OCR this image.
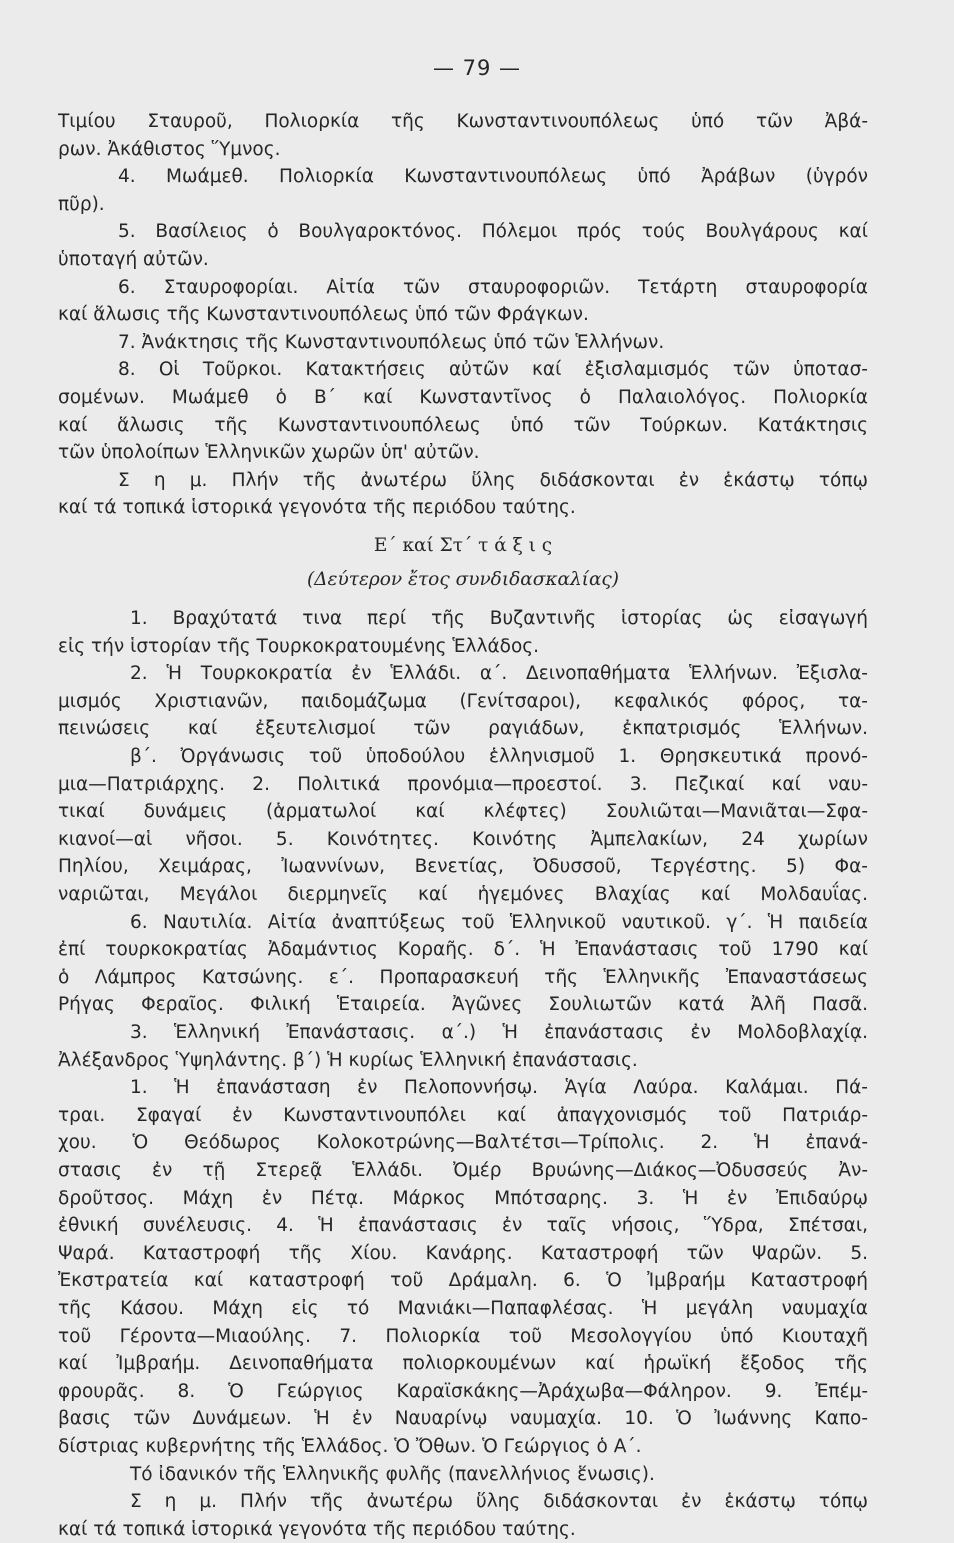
— 79 —
Τιμίου Σταυροῦ, Πολιορκία τῆς Κωνσταντινουπόλεως ὑπό τῶν Ἀβά-
ρων. Ἀκάθιστος Ὕμνος.
4. Μωάμεθ. Πολιορκία Κωνσταντινουπόλεως ὑπό Ἀράβων (ὑγρόν
πῦρ).
5. Βασίλειος ὁ Βουλγαροκτόνος. Πόλεμοι πρός τούς Βουλγάρους καί
ὑποταγή αὐτῶν.
6. Σταυροφορίαι. Αἰτία τῶν σταυροφοριῶν. Τετάρτη σταυροφορία
καί ἅλωσις τῆς Κωνσταντινουπόλεως ὑπό τῶν Φράγκων.
7. Ἀνάκτησις τῆς Κωνσταντινουπόλεως ὑπό τῶν Ἑλλήνων.
8. Οἱ Τοῦρκοι. Κατακτήσεις αὐτῶν καί ἐξισλαμισμός τῶν ὑποτασ-
σομένων. Μωάμεθ ὁ Β΄ καί Κωνσταντῖνος ὁ Παλαιολόγος. Πολιορκία
καί ἅλωσις τῆς Κωνσταντινουπόλεως ὑπό τῶν Τούρκων. Κατάκτησις
τῶν ὑπολοίπων Ἑλληνικῶν χωρῶν ὑπ' αὐτῶν.
Σ η μ. Πλήν τῆς ἀνωτέρω ὕλης διδάσκονται ἐν ἑκάστῳ τόπῳ
καί τά τοπικά ἱστορικά γεγονότα τῆς περιόδου ταύτης.
Ε΄ καί Στ΄ τ ά ξ ι ς
(Δεύτερον ἔτος συνδιδασκαλίας)
1. Βραχύτατά τινα περί τῆς Βυζαντινῆς ἱστορίας ὡς εἰσαγωγή
εἰς τήν ἱστορίαν τῆς Τουρκοκρατουμένης Ἑλλάδος.
2. Ἡ Τουρκοκρατία ἐν Ἑλλάδι. α΄. Δεινοπαθήματα Ἑλλήνων. Ἐξισλα-
μισμός Χριστιανῶν, παιδομάζωμα (Γενίτσαροι), κεφαλικός φόρος, τα-
πεινώσεις καί ἐξευτελισμοί τῶν ραγιάδων, ἐκπατρισμός Ἑλλήνων.
β΄. Ὀργάνωσις τοῦ ὑποδούλου ἑλληνισμοῦ 1. Θρησκευτικά προνό-
μια—Πατριάρχης. 2. Πολιτικά προνόμια—προεστοί. 3. Πεζικαί καί ναυ-
τικαί δυνάμεις (ἁρματωλοί καί κλέφτες) Σουλιῶται—Μανιᾶται—Σφα-
κιανοί—αἱ νῆσοι. 5. Κοινότητες. Κοινότης Ἀμπελακίων, 24 χωρίων
Πηλίου, Χειμάρας, Ἰωαννίνων, Βενετίας, Ὀδυσσοῦ, Τεργέστης. 5) Φα-
ναριῶται, Μεγάλοι διερμηνεῖς καί ἡγεμόνες Βλαχίας καί Μολδαυΐας.
6. Ναυτιλία. Αἰτία ἀναπτύξεως τοῦ Ἑλληνικοῦ ναυτικοῦ. γ΄. Ἡ παιδεία
ἐπί τουρκοκρατίας Ἀδαμάντιος Κοραῆς. δ΄. Ἡ Ἐπανάστασις τοῦ 1790 καί
ὁ Λάμπρος Κατσώνης. ε΄. Προπαρασκευή τῆς Ἑλληνικῆς Ἐπαναστάσεως
Ρήγας Φεραῖος. Φιλική Ἑταιρεία. Ἀγῶνες Σουλιωτῶν κατά Ἀλῆ Πασᾶ.
3. Ἑλληνική Ἐπανάστασις. α΄.) Ἡ ἐπανάστασις ἐν Μολδοβλαχίᾳ.
Ἀλέξανδρος Ὑψηλάντης. β΄) Ἡ κυρίως Ἑλληνική ἐπανάστασις.
1. Ἡ ἐπανάσταση ἐν Πελοποννήσῳ. Ἁγία Λαύρα. Καλάμαι. Πά-
τραι. Σφαγαί ἐν Κωνσταντινουπόλει καί ἀπαγχονισμός τοῦ Πατριάρ-
χου. Ὁ Θεόδωρος Κολοκοτρώνης—Βαλτέτσι—Τρίπολις. 2. Ἡ ἐπανά-
στασις ἐν τῇ Στερεᾷ Ἑλλάδι. Ὀμέρ Βρυώνης—Διάκος—Ὀδυσσεύς Ἀν-
δροῦτσος. Μάχη ἐν Πέτᾳ. Μάρκος Μπότσαρης. 3. Ἡ ἐν Ἐπιδαύρῳ
ἐθνική συνέλευσις. 4. Ἡ ἐπανάστασις ἐν ταῖς νήσοις, Ὕδρα, Σπέτσαι,
Ψαρά. Καταστροφή τῆς Χίου. Κανάρης. Καταστροφή τῶν Ψαρῶν. 5.
Ἐκστρατεία καί καταστροφή τοῦ Δράμαλη. 6. Ὁ Ἰμβραήμ Καταστροφή
τῆς Κάσου. Μάχη εἰς τό Μανιάκι—Παπαφλέσας. Ἡ μεγάλη ναυμαχία
τοῦ Γέροντα—Μιαούλης. 7. Πολιορκία τοῦ Μεσολογγίου ὑπό Κιουταχῆ
καί Ἰμβραήμ. Δεινοπαθήματα πολιορκουμένων καί ἡρωϊκή ἔξοδος τῆς
φρουρᾶς. 8. Ὁ Γεώργιος Καραϊσκάκης—Ἀράχωβα—Φάληρον. 9. Ἐπέμ-
βασις τῶν Δυνάμεων. Ἡ ἐν Ναυαρίνῳ ναυμαχία. 10. Ὁ Ἰωάννης Καπο-
δίστριας κυβερνήτης τῆς Ἑλλάδος. Ὁ Ὄθων. Ὁ Γεώργιος ὁ Α΄.
Τό ἰδανικόν τῆς Ἑλληνικῆς φυλῆς (πανελλήνιος ἕνωσις).
Σ η μ. Πλήν τῆς ἀνωτέρω ὕλης διδάσκονται ἐν ἑκάστῳ τόπῳ
καί τά τοπικά ἱστορικά γεγονότα τῆς περιόδου ταύτης.
